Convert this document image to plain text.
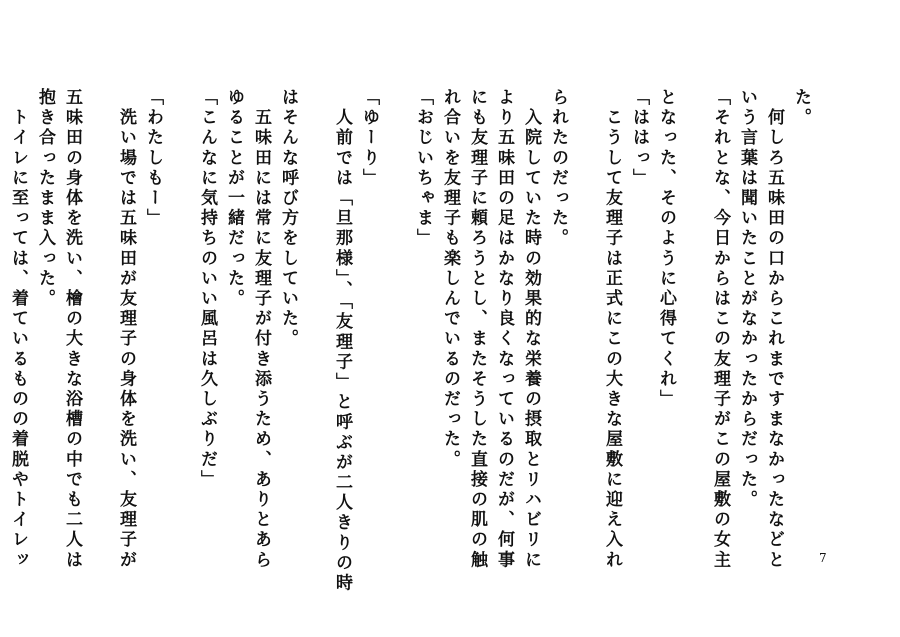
た。

　何しろ五味田の口からこれまですまなかったなどと

いう言葉は聞いたことがなかったからだった。

「それとな、今日からはこの友理子がこの屋敷の女主

となった、そのように心得てくれ」

「ははっ」

　こうして友理子は正式にこの大きな屋敷に迎え入れ

られたのだった。

　入院していた時の効果的な栄養の摂取とリハビリに

より五味田の足はかなり良くなっているのだが、何事

にも友理子に頼ろうとし、またそうした直接の肌の触

れ合いを友理子も楽しんでいるのだった。

「おじいちゃま」

「ゆーり」

　人前では「旦那様」、「友理子」と呼ぶが二人きりの時

はそんな呼び方をしていた。

　五味田には常に友理子が付き添うため、ありとあら

ゆることが一緒だった。

「こんなに気持ちのいい風呂は久しぶりだ」

「わたしもー」

　洗い場では五味田が友理子の身体を洗い、友理子が

五味田の身体を洗い、檜の大きな浴槽の中でも二人は

抱き合ったまま入った。

　トイレに至っては、着ているものの着脱やトイレッ	7
